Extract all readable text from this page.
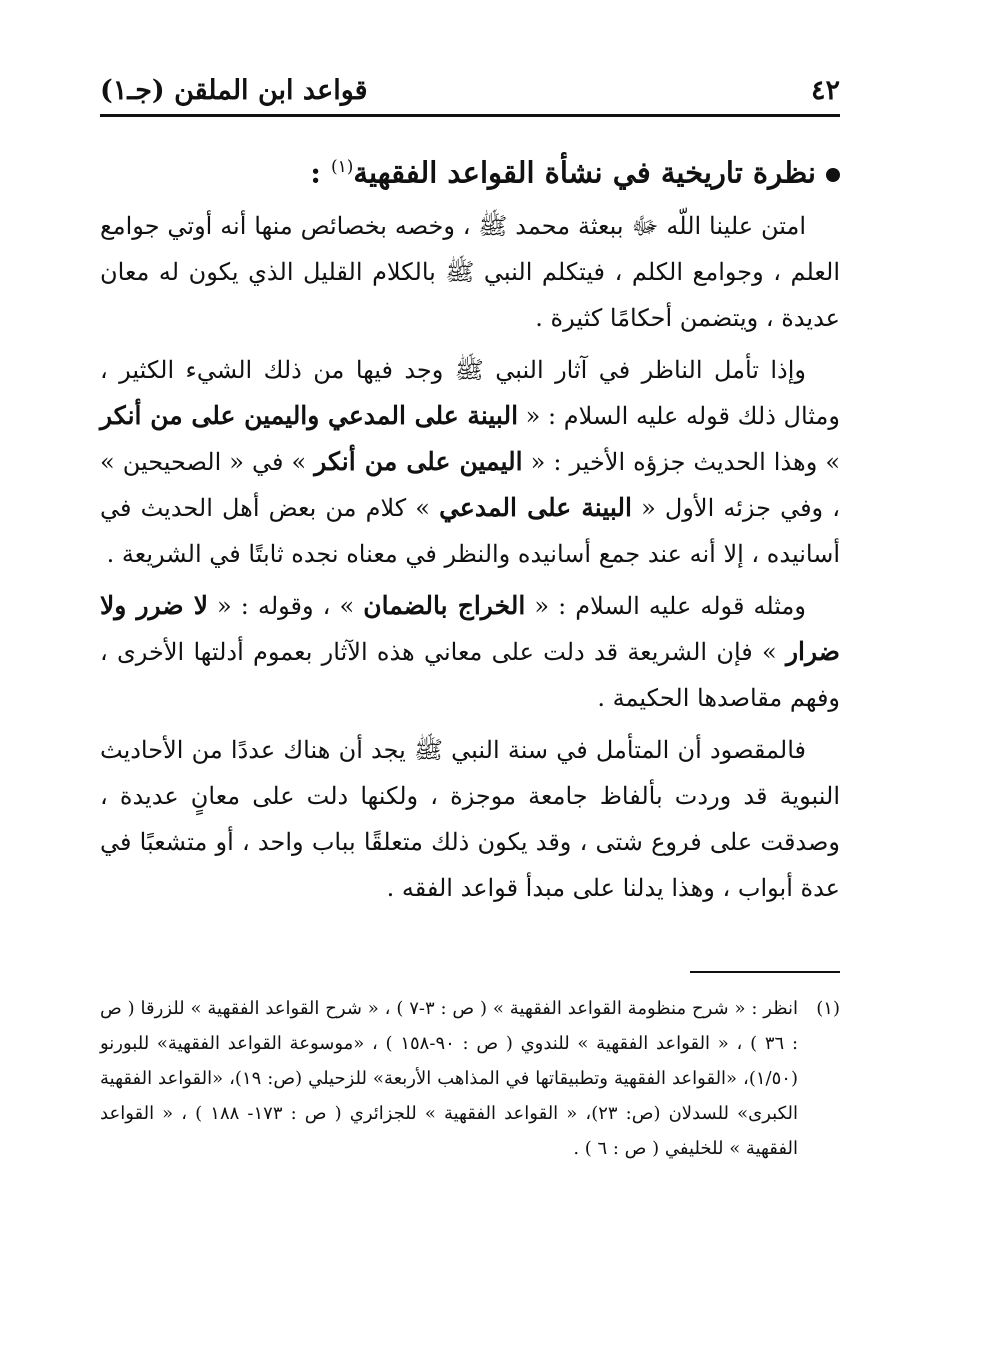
٤٢
قواعد ابن الملقن (جـ١)
نظرة تاريخية في نشأة القواعد الفقهية$^{(١)}$ :

امتن علينا اللّه ﷻ ببعثة محمد ﷺ ، وخصه بخصائص منها أنه أوتي جوامع العلم ، وجوامع الكلم ، فيتكلم النبي ﷺ بالكلام القليل الذي يكون له معان عديدة ، ويتضمن أحكامًا كثيرة .

وإذا تأمل الناظر في آثار النبي ﷺ وجد فيها من ذلك الشيء الكثير ، ومثال ذلك قوله عليه السلام : « البينة على المدعي واليمين على من أنكر » وهذا الحديث جزؤه الأخير : « اليمين على من أنكر » في « الصحيحين » ، وفي جزئه الأول « البينة على المدعي » كلام من بعض أهل الحديث في أسانيده ، إلا أنه عند جمع أسانيده والنظر في معناه نجده ثابتًا في الشريعة .

ومثله قوله عليه السلام : « الخراج بالضمان » ، وقوله : « لا ضرر ولا ضرار » فإن الشريعة قد دلت على معاني هذه الآثار بعموم أدلتها الأخرى ، وفهم مقاصدها الحكيمة .

فالمقصود أن المتأمل في سنة النبي ﷺ يجد أن هناك عددًا من الأحاديث النبوية قد وردت بألفاظ جامعة موجزة ، ولكنها دلت على معانٍ عديدة ، وصدقت على فروع شتى ، وقد يكون ذلك متعلقًا بباب واحد ، أو متشعبًا في عدة أبواب ، وهذا يدلنا على مبدأ قواعد الفقه .

(١)
انظر : « شرح منظومة القواعد الفقهية » ( ص : ٣-٧ ) ، « شرح القواعد الفقهية » للزرقا ( ص : ٣٦ ) ، « القواعد الفقهية » للندوي ( ص : ٩٠-١٥٨ ) ، «موسوعة القواعد الفقهية» للبورنو (١/٥٠)، «القواعد الفقهية وتطبيقاتها في المذاهب الأربعة» للزحيلي (ص: ١٩)، «القواعد الفقهية الكبرى» للسدلان (ص: ٢٣)، « القواعد الفقهية » للجزائري ( ص : ١٧٣- ١٨٨ ) ، « القواعد الفقهية » للخليفي ( ص : ٦ ) .
